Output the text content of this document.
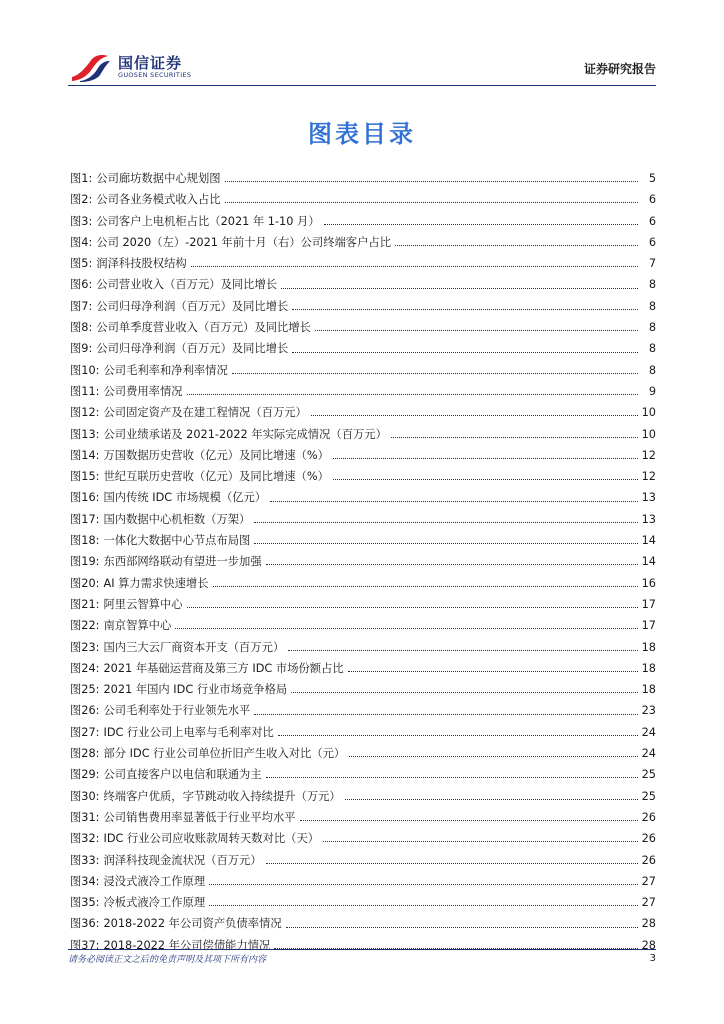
国信证券
GUOSEN SECURITIES	证券研究报告
图表目录
图1: 公司廊坊数据中心规划图	5
图2: 公司各业务模式收入占比	6
图3: 公司客户上电机柜占比（2021 年 1-10 月）	6
图4: 公司 2020（左）-2021 年前十月（右）公司终端客户占比	6
图5: 润泽科技股权结构	7
图6: 公司营业收入（百万元）及同比增长	8
图7: 公司归母净利润（百万元）及同比增长	8
图8: 公司单季度营业收入（百万元）及同比增长	8
图9: 公司归母净利润（百万元）及同比增长	8
图10: 公司毛利率和净利率情况	8
图11: 公司费用率情况	9
图12: 公司固定资产及在建工程情况（百万元）	10
图13: 公司业绩承诺及 2021-2022 年实际完成情况（百万元）	10
图14: 万国数据历史营收（亿元）及同比增速（%）	12
图15: 世纪互联历史营收（亿元）及同比增速（%）	12
图16: 国内传统 IDC 市场规模（亿元）	13
图17: 国内数据中心机柜数（万架）	13
图18: 一体化大数据中心节点布局图	14
图19: 东西部网络联动有望进一步加强	14
图20: AI 算力需求快速增长	16
图21: 阿里云智算中心	17
图22: 南京智算中心	17
图23: 国内三大云厂商资本开支（百万元）	18
图24: 2021 年基础运营商及第三方 IDC 市场份额占比	18
图25: 2021 年国内 IDC 行业市场竞争格局	18
图26: 公司毛利率处于行业领先水平	23
图27: IDC 行业公司上电率与毛利率对比	24
图28: 部分 IDC 行业公司单位折旧产生收入对比（元）	24
图29: 公司直接客户以电信和联通为主	25
图30: 终端客户优质，字节跳动收入持续提升（万元）	25
图31: 公司销售费用率显著低于行业平均水平	26
图32: IDC 行业公司应收账款周转天数对比（天）	26
图33: 润泽科技现金流状况（百万元）	26
图34: 浸没式液冷工作原理	27
图35: 冷板式液冷工作原理	27
图36: 2018-2022 年公司资产负债率情况	28
图37: 2018-2022 年公司偿债能力情况	28
请务必阅读正文之后的免责声明及其项下所有内容	3
